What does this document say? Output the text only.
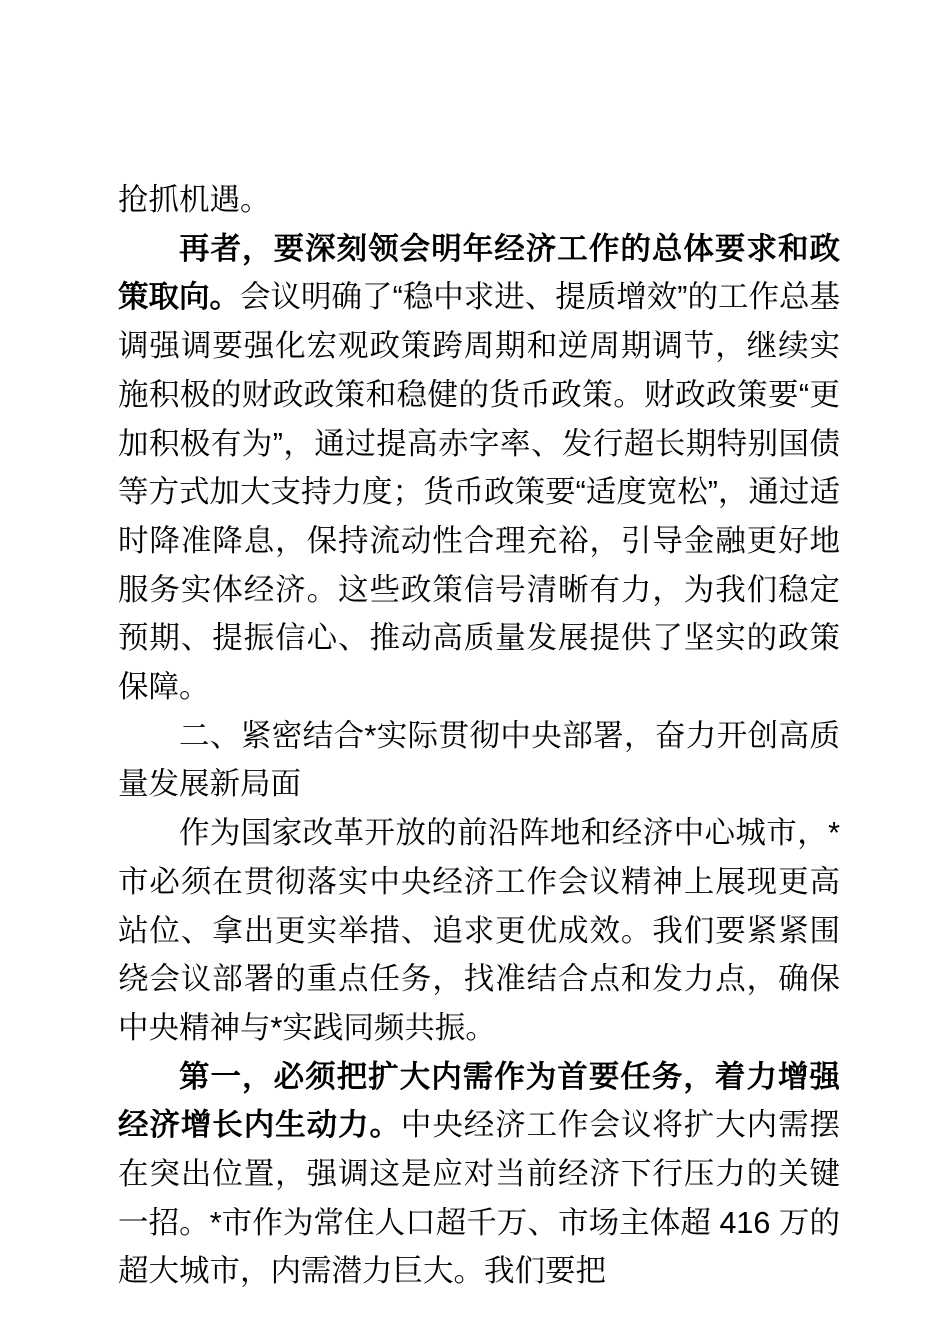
抢抓机遇。

再者，要深刻领会明年经济工作的总体要求和政策取向。会议明确了“稳中求进、提质增效”的工作总基调强调要强化宏观政策跨周期和逆周期调节，继续实施积极的财政政策和稳健的货币政策。财政政策要“更加积极有为”，通过提高赤字率、发行超长期特别国债等方式加大支持力度；货币政策要“适度宽松”，通过适时降准降息，保持流动性合理充裕，引导金融更好地服务实体经济。这些政策信号清晰有力，为我们稳定预期、提振信心、推动高质量发展提供了坚实的政策保障。

二、紧密结合*实际贯彻中央部署，奋力开创高质量发展新局面

作为国家改革开放的前沿阵地和经济中心城市，*市必须在贯彻落实中央经济工作会议精神上展现更高站位、拿出更实举措、追求更优成效。我们要紧紧围绕会议部署的重点任务，找准结合点和发力点，确保中央精神与*实践同频共振。

第一，必须把扩大内需作为首要任务，着力增强经济增长内生动力。中央经济工作会议将扩大内需摆在突出位置，强调这是应对当前经济下行压力的关键一招。*市作为常住人口超千万、市场主体超 416 万的超大城市，内需潜力巨大。我们要把
